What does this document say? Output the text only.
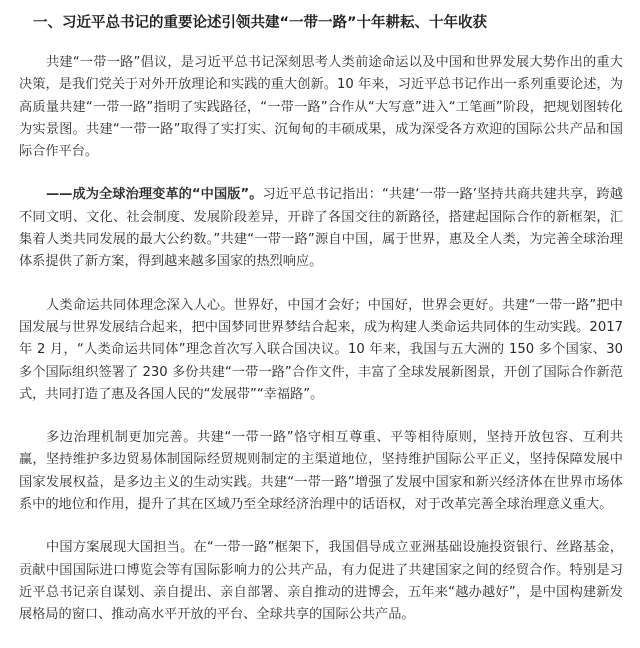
一、习近平总书记的重要论述引领共建“一带一路”十年耕耘、十年收获

共建“一带一路”倡议，是习近平总书记深刻思考人类前途命运以及中国和世界发展大势作出的重大决策，是我们党关于对外开放理论和实践的重大创新。10 年来，习近平总书记作出一系列重要论述，为高质量共建“一带一路”指明了实践路径，“一带一路”合作从“大写意”进入“工笔画”阶段，把规划图转化为实景图。共建“一带一路”取得了实打实、沉甸甸的丰硕成果，成为深受各方欢迎的国际公共产品和国际合作平台。

——成为全球治理变革的“中国版”。习近平总书记指出：“共建‘一带一路’坚持共商共建共享，跨越不同文明、文化、社会制度、发展阶段差异，开辟了各国交往的新路径，搭建起国际合作的新框架，汇集着人类共同发展的最大公约数。”共建“一带一路”源自中国，属于世界，惠及全人类，为完善全球治理体系提供了新方案，得到越来越多国家的热烈响应。

人类命运共同体理念深入人心。世界好，中国才会好；中国好，世界会更好。共建“一带一路”把中国发展与世界发展结合起来，把中国梦同世界梦结合起来，成为构建人类命运共同体的生动实践。2017 年 2 月，“人类命运共同体”理念首次写入联合国决议。10 年来，我国与五大洲的 150 多个国家、30 多个国际组织签署了 230 多份共建“一带一路”合作文件，丰富了全球发展新图景，开创了国际合作新范式，共同打造了惠及各国人民的“发展带”“幸福路”。

多边治理机制更加完善。共建“一带一路”恪守相互尊重、平等相待原则，坚持开放包容、互利共赢，坚持维护多边贸易体制国际经贸规则制定的主渠道地位，坚持维护国际公平正义，坚持保障发展中国家发展权益，是多边主义的生动实践。共建“一带一路”增强了发展中国家和新兴经济体在世界市场体系中的地位和作用，提升了其在区域乃至全球经济治理中的话语权，对于改革完善全球治理意义重大。

中国方案展现大国担当。在“一带一路”框架下，我国倡导成立亚洲基础设施投资银行、丝路基金，贡献中国国际进口博览会等有国际影响力的公共产品，有力促进了共建国家之间的经贸合作。特别是习近平总书记亲自谋划、亲自提出、亲自部署、亲自推动的进博会，五年来“越办越好”，是中国构建新发展格局的窗口、推动高水平开放的平台、全球共享的国际公共产品。
